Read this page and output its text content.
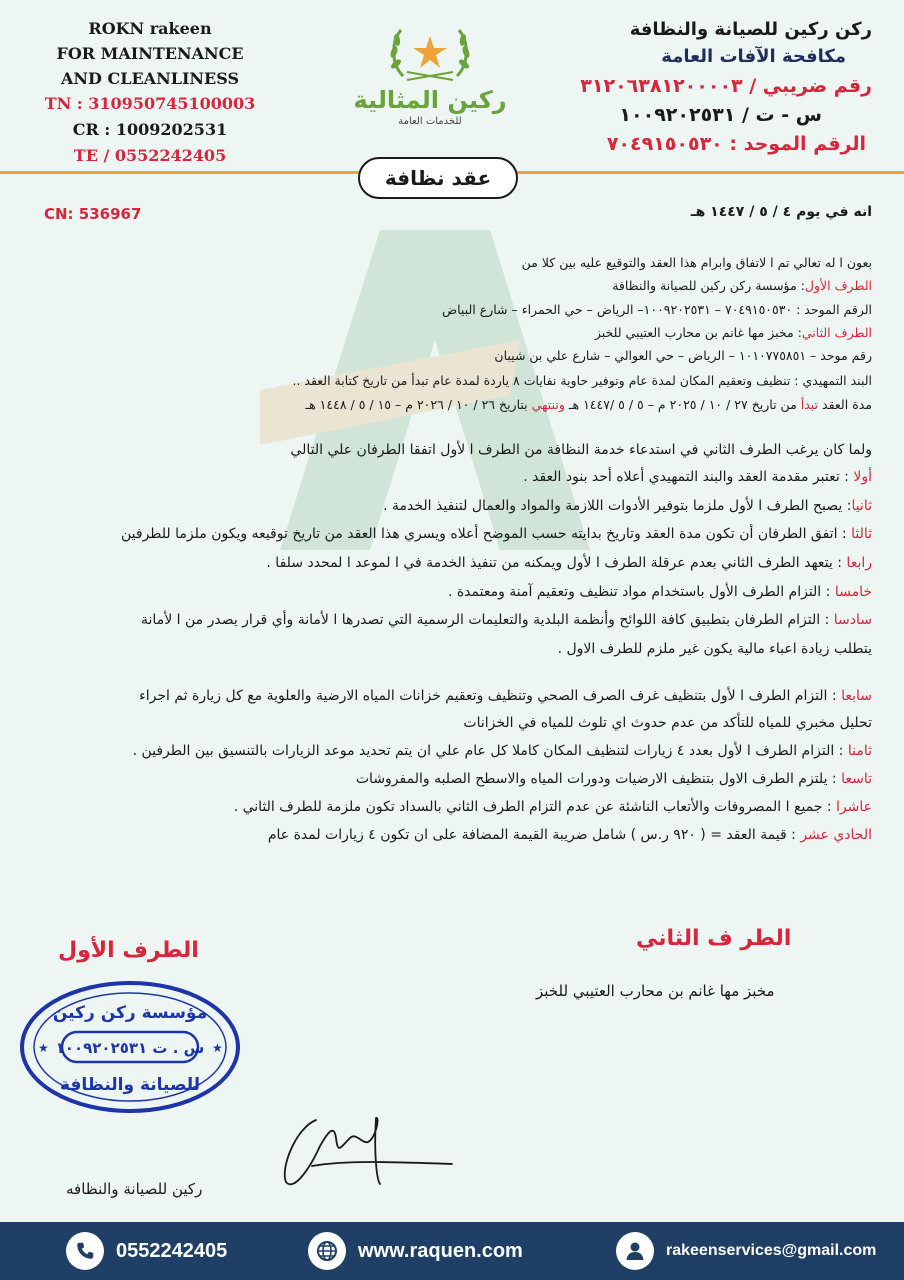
ROKN rakeen
FOR MAINTENANCE
AND CLEANLINESS
TN : 310950745100003
CR : 1009202531
TE / 0552242405
ركين المثالية
للخدمات العامة
ركن ركين للصيانة والنظافة
مكافحة الآفات العامة
رقم ضريبي / ٣١٢٠٦٣٨١٢٠٠٠٠٣
س - ت / ١٠٠٩٢٠٢٥٣١
الرقم الموحد : ٧٠٤٩١٥٠٥٣٠
عقد نظافة
CN: 536967	انه في يوم ٤ / ٥ / ١٤٤٧ هـ
بعون ا له تعالي تم ا لاتفاق وابرام هذا العقد والتوقيع عليه بين كلا من
الطرف الأول: مؤسسة ركن ركين للصيانة والنظافة
الرقم الموحد : ٧٠٤٩١٥٠٥٣٠ – ١٠٠٩٢٠٢٥٣١– الرياض – حي الحمراء – شارع البياض
الطرف الثاني: مخبز مها غانم بن محارب العتيبي للخبز
رقم موحد – ١٠١٠٧٧٥٨٥١ – الرياض – حي العوالي – شارع علي بن شيبان
البند التمهيدي : تنظيف وتعقيم المكان لمدة عام وتوفير حاوية نفايات ٨ ياردة لمدة عام تبدأ من تاريخ كتابة العقد ..
مدة العقد تبدأ من تاريخ ٢٧ / ١٠ / ٢٠٢٥ م – ٥ / ٥ /١٤٤٧ هـ وتنتهي بتاريخ ٢٦ / ١٠ / ٢٠٢٦ م – ١٥ / ٥ / ١٤٤٨ هـ
ولما كان يرغب الطرف الثاني في استدعاء خدمة النظافة من الطرف ا لأول اتفقا الطرفان علي التالي
أولا : تعتبر مقدمة العقد والبند التمهيدي أعلاه أحد بنود العقد .
ثانيا: يصبح الطرف ا لأول ملزما بتوفير الأدوات اللازمة والمواد والعمال لتنفيذ الخدمة .
ثالثا : اتفق الطرفان أن تكون مدة العقد وتاريخ بدايته حسب الموضح أعلاه ويسري هذا العقد من تاريخ توقيعه ويكون ملزما للطرفين
رابعا : يتعهد الطرف الثاني بعدم عرقلة الطرف ا لأول ويمكنه من تنفيذ الخدمة في ا لموعد ا لمحدد سلفا .
خامسا : التزام الطرف الأول باستخدام مواد تنظيف وتعقيم آمنة ومعتمدة .
سادسا : التزام الطرفان بتطبيق كافة اللوائح وأنظمة البلدية والتعليمات الرسمية التي تصدرها ا لأمانة وأي قرار يصدر من ا لأمانة
يتطلب زيادة اعباء مالية يكون غير ملزم للطرف الاول .
سابعا : التزام الطرف ا لأول بتنظيف غرف الصرف الصحي وتنظيف وتعقيم خزانات المياه الارضية والعلوية مع كل زيارة ثم اجراء
تحليل مخبري للمياه للتأكد من عدم حدوث اي تلوث للمياه في الخزانات
ثامنا : التزام الطرف ا لأول بعدد ٤ زيارات لتنظيف المكان كاملا كل عام علي ان يتم تحديد موعد الزيارات بالتنسيق بين الطرفين .
تاسعا : يلتزم الطرف الاول بتنظيف الارضيات ودورات المياه والاسطح الصلبه والمفروشات
عاشرا : جميع ا المصروفات والأتعاب الناشئة عن عدم التزام الطرف الثاني بالسداد تكون ملزمة للطرف الثاني .
الحادي عشر : قيمة العقد = ( ٩٢٠ ر.س ) شامل ضريبة القيمة المضافة على ان تكون ٤ زيارات لمدة عام
الطرف الأول	الطر ف الثاني
مخبز مها غانم بن محارب العتيبي للخبز
مؤسسة ركن ركين
س . ت ١٠٠٩٢٠٢٥٣١
للصيانة والنظافة
★	★
ركين للصيانة والنظافه
0552242405	www.raquen.com	rakeenservices@gmail.com
